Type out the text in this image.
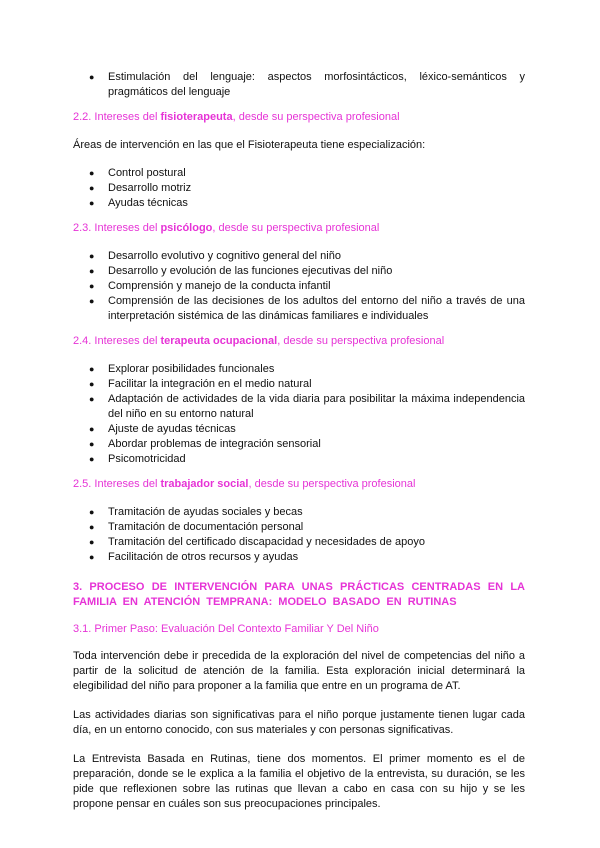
● Estimulación del lenguaje: aspectos morfosintácticos, léxico-semánticos y pragmáticos del lenguaje
2.2. Intereses del fisioterapeuta, desde su perspectiva profesional

Áreas de intervención en las que el Fisioterapeuta tiene especialización:

● Control postural
● Desarrollo motriz
● Ayudas técnicas
2.3. Intereses del psicólogo, desde su perspectiva profesional
● Desarrollo evolutivo y cognitivo general del niño
● Desarrollo y evolución de las funciones ejecutivas del niño
● Comprensión y manejo de la conducta infantil
● Comprensión de las decisiones de los adultos del entorno del niño a través de una interpretación sistémica de las dinámicas familiares e individuales
2.4. Intereses del terapeuta ocupacional, desde su perspectiva profesional
● Explorar posibilidades funcionales
● Facilitar la integración en el medio natural
● Adaptación de actividades de la vida diaria para posibilitar la máxima independencia del niño en su entorno natural
● Ajuste de ayudas técnicas
● Abordar problemas de integración sensorial
● Psicomotricidad
2.5. Intereses del trabajador social, desde su perspectiva profesional
● Tramitación de ayudas sociales y becas
● Tramitación de documentación personal
● Tramitación del certificado discapacidad y necesidades de apoyo
● Facilitación de otros recursos y ayudas
3. PROCESO DE INTERVENCIÓN PARA UNAS PRÁCTICAS CENTRADAS EN LA FAMILIA EN ATENCIÓN TEMPRANA: MODELO BASADO EN RUTINAS
3.1. Primer Paso: Evaluación Del Contexto Familiar Y Del Niño

Toda intervención debe ir precedida de la exploración del nivel de competencias del niño a partir de la solicitud de atención de la familia. Esta exploración inicial determinará la elegibilidad del niño para proponer a la familia que entre en un programa de AT.

Las actividades diarias son significativas para el niño porque justamente tienen lugar cada día, en un entorno conocido, con sus materiales y con personas significativas.

La Entrevista Basada en Rutinas, tiene dos momentos. El primer momento es el de preparación, donde se le explica a la familia el objetivo de la entrevista, su duración, se les pide que reflexionen sobre las rutinas que llevan a cabo en casa con su hijo y se les propone pensar en cuáles son sus preocupaciones principales.
